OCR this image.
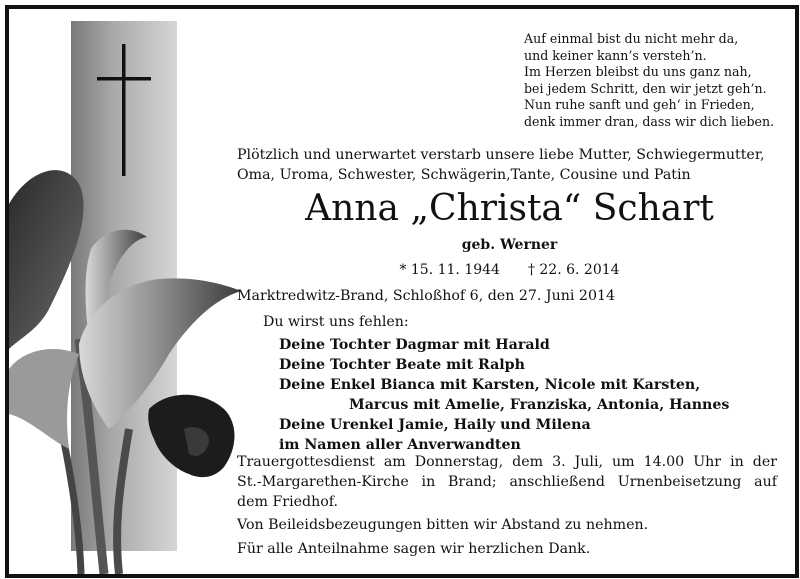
Auf einmal bist du nicht mehr da,
und keiner kann’s versteh’n.
Im Herzen bleibst du uns ganz nah,
bei jedem Schritt, den wir jetzt geh’n.
Nun ruhe sanft und geh‘ in Frieden,
denk immer dran, dass wir dich lieben.
Plötzlich und unerwartet verstarb unsere liebe Mutter, Schwiegermutter,
Oma, Uroma, Schwester, Schwägerin,Tante, Cousine und Patin
Anna „Christa“ Schart
geb. Werner
* 15. 11. 1944 † 22. 6. 2014
Marktredwitz-Brand, Schloßhof 6, den 27. Juni 2014
Du wirst uns fehlen:
Deine Tochter Dagmar mit Harald
Deine Tochter Beate mit Ralph
Deine Enkel Bianca mit Karsten, Nicole mit Karsten,
Marcus mit Amelie, Franziska, Antonia, Hannes
Deine Urenkel Jamie, Haily und Milena
im Namen aller Anverwandten
Trauergottesdienst am Donnerstag, dem 3. Juli, um 14.00 Uhr in der
St.-Margarethen-Kirche in Brand; anschließend Urnenbeisetzung auf
dem Friedhof.
Von Beileidsbezeugungen bitten wir Abstand zu nehmen.
Für alle Anteilnahme sagen wir herzlichen Dank.
